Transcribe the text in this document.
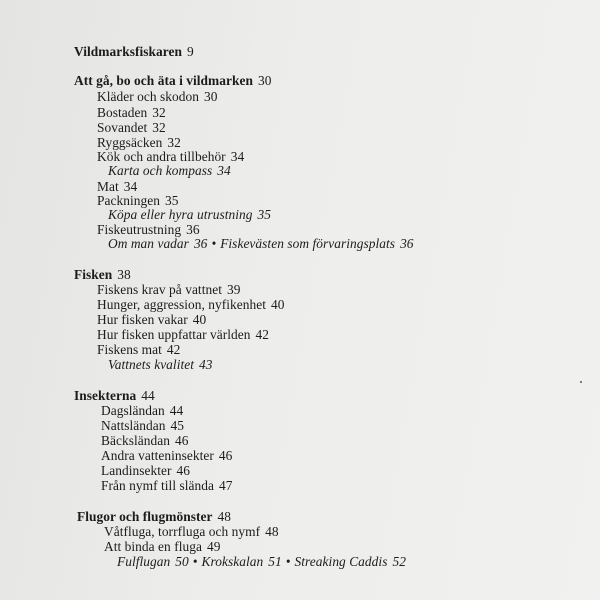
Vildmarksfiskaren 9
Att gå, bo och äta i vildmarken 30
Kläder och skodon 30
Bostaden 32
Sovandet 32
Ryggsäcken 32
Kök och andra tillbehör 34
Karta och kompass 34
Mat 34
Packningen 35
Köpa eller hyra utrustning 35
Fiskeutrustning 36
Om man vadar 36 • Fiskevästen som förvaringsplats 36
Fisken 38
Fiskens krav på vattnet 39
Hunger, aggression, nyfikenhet 40
Hur fisken vakar 40
Hur fisken uppfattar världen 42
Fiskens mat 42
Vattnets kvalitet 43
Insekterna 44
Dagsländan 44
Nattsländan 45
Bäcksländan 46
Andra vatteninsekter 46
Landinsekter 46
Från nymf till slända 47
Flugor och flugmönster 48
Våtfluga, torrfluga och nymf 48
Att binda en fluga 49
Fulflugan 50 • Krokskalan 51 • Streaking Caddis 52
